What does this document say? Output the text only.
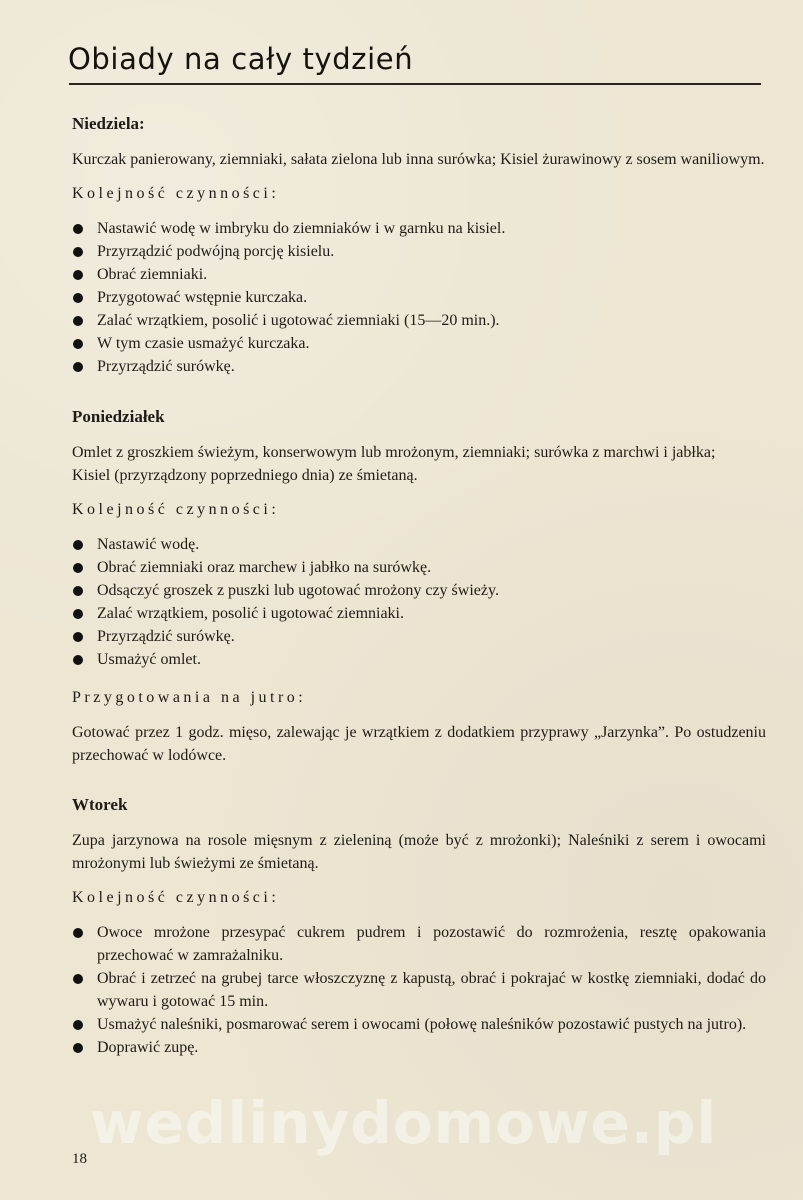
Obiady na cały tydzień
Niedziela:

Kurczak panierowany, ziemniaki, sałata zielona lub inna surówka; Kisiel żurawinowy z sosem waniliowym.

Kolejność czynności:
Nastawić wodę w imbryku do ziemniaków i w garnku na kisiel.
Przyrządzić podwójną porcję kisielu.
Obrać ziemniaki.
Przygotować wstępnie kurczaka.
Zalać wrzątkiem, posolić i ugotować ziemniaki (15—20 min.).
W tym czasie usmażyć kurczaka.
Przyrządzić surówkę.
Poniedziałek

Omlet z groszkiem świeżym, konserwowym lub mrożonym, ziemniaki; surówka z marchwi i jabłka;
Kisiel (przyrządzony poprzedniego dnia) ze śmietaną.

Kolejność czynności:
Nastawić wodę.
Obrać ziemniaki oraz marchew i jabłko na surówkę.
Odsączyć groszek z puszki lub ugotować mrożony czy świeży.
Zalać wrzątkiem, posolić i ugotować ziemniaki.
Przyrządzić surówkę.
Usmażyć omlet.
Przygotowania na jutro:

Gotować przez 1 godz. mięso, zalewając je wrzątkiem z dodatkiem przyprawy „Jarzynka”. Po ostudzeniu przechować w lodówce.

Wtorek

Zupa jarzynowa na rosole mięsnym z zieleniną (może być z mrożonki); Naleśniki z serem i owocami mrożonymi lub świeżymi ze śmietaną.

Kolejność czynności:
Owoce mrożone przesypać cukrem pudrem i pozostawić do rozmrożenia, resztę opakowania przechować w zamrażalniku.
Obrać i zetrzeć na grubej tarce włoszczyznę z kapustą, obrać i pokrajać w kostkę ziemniaki, dodać do wywaru i gotować 15 min.
Usmażyć naleśniki, posmarować serem i owocami (połowę naleśników pozostawić pustych na jutro).
Doprawić zupę.
wedlinydomowe.pl
18
